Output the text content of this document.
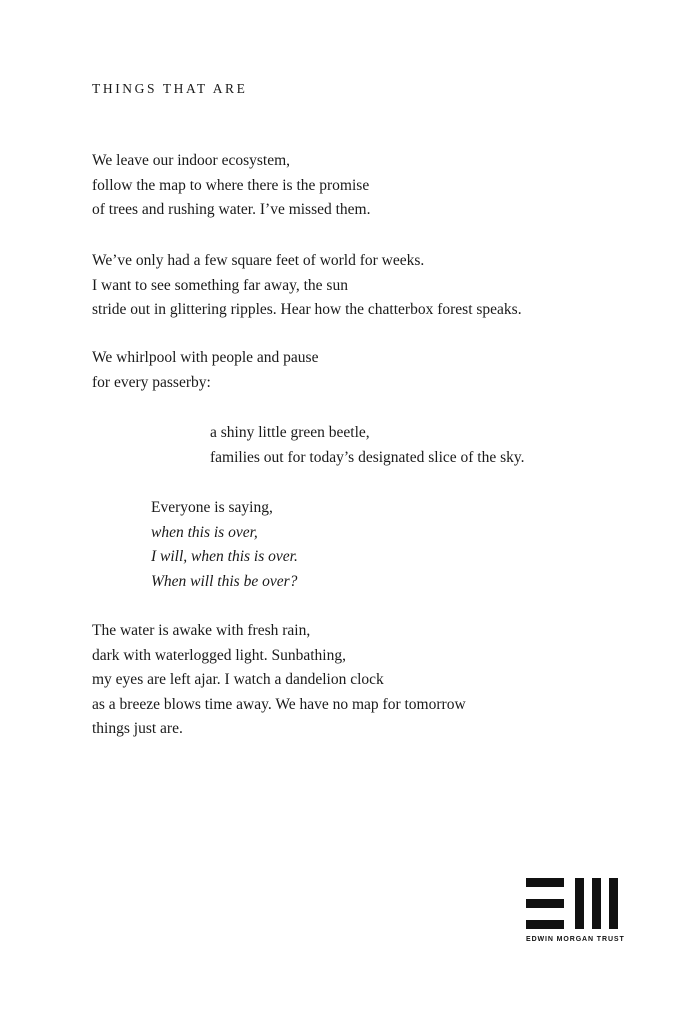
THINGS THAT ARE
We leave our indoor ecosystem,
follow the map to where there is the promise
of trees and rushing water. I’ve missed them.
We’ve only had a few square feet of world for weeks.
I want to see something far away, the sun
stride out in glittering ripples. Hear how the chatterbox forest speaks.
We whirlpool with people and pause
for every passerby:
a shiny little green beetle,
families out for today’s designated slice of the sky.
Everyone is saying,
when this is over,
I will, when this is over.
When will this be over?
The water is awake with fresh rain,
dark with waterlogged light. Sunbathing,
my eyes are left ajar. I watch a dandelion clock
as a breeze blows time away. We have no map for tomorrow
things just are.
EDWIN MORGAN TRUST
